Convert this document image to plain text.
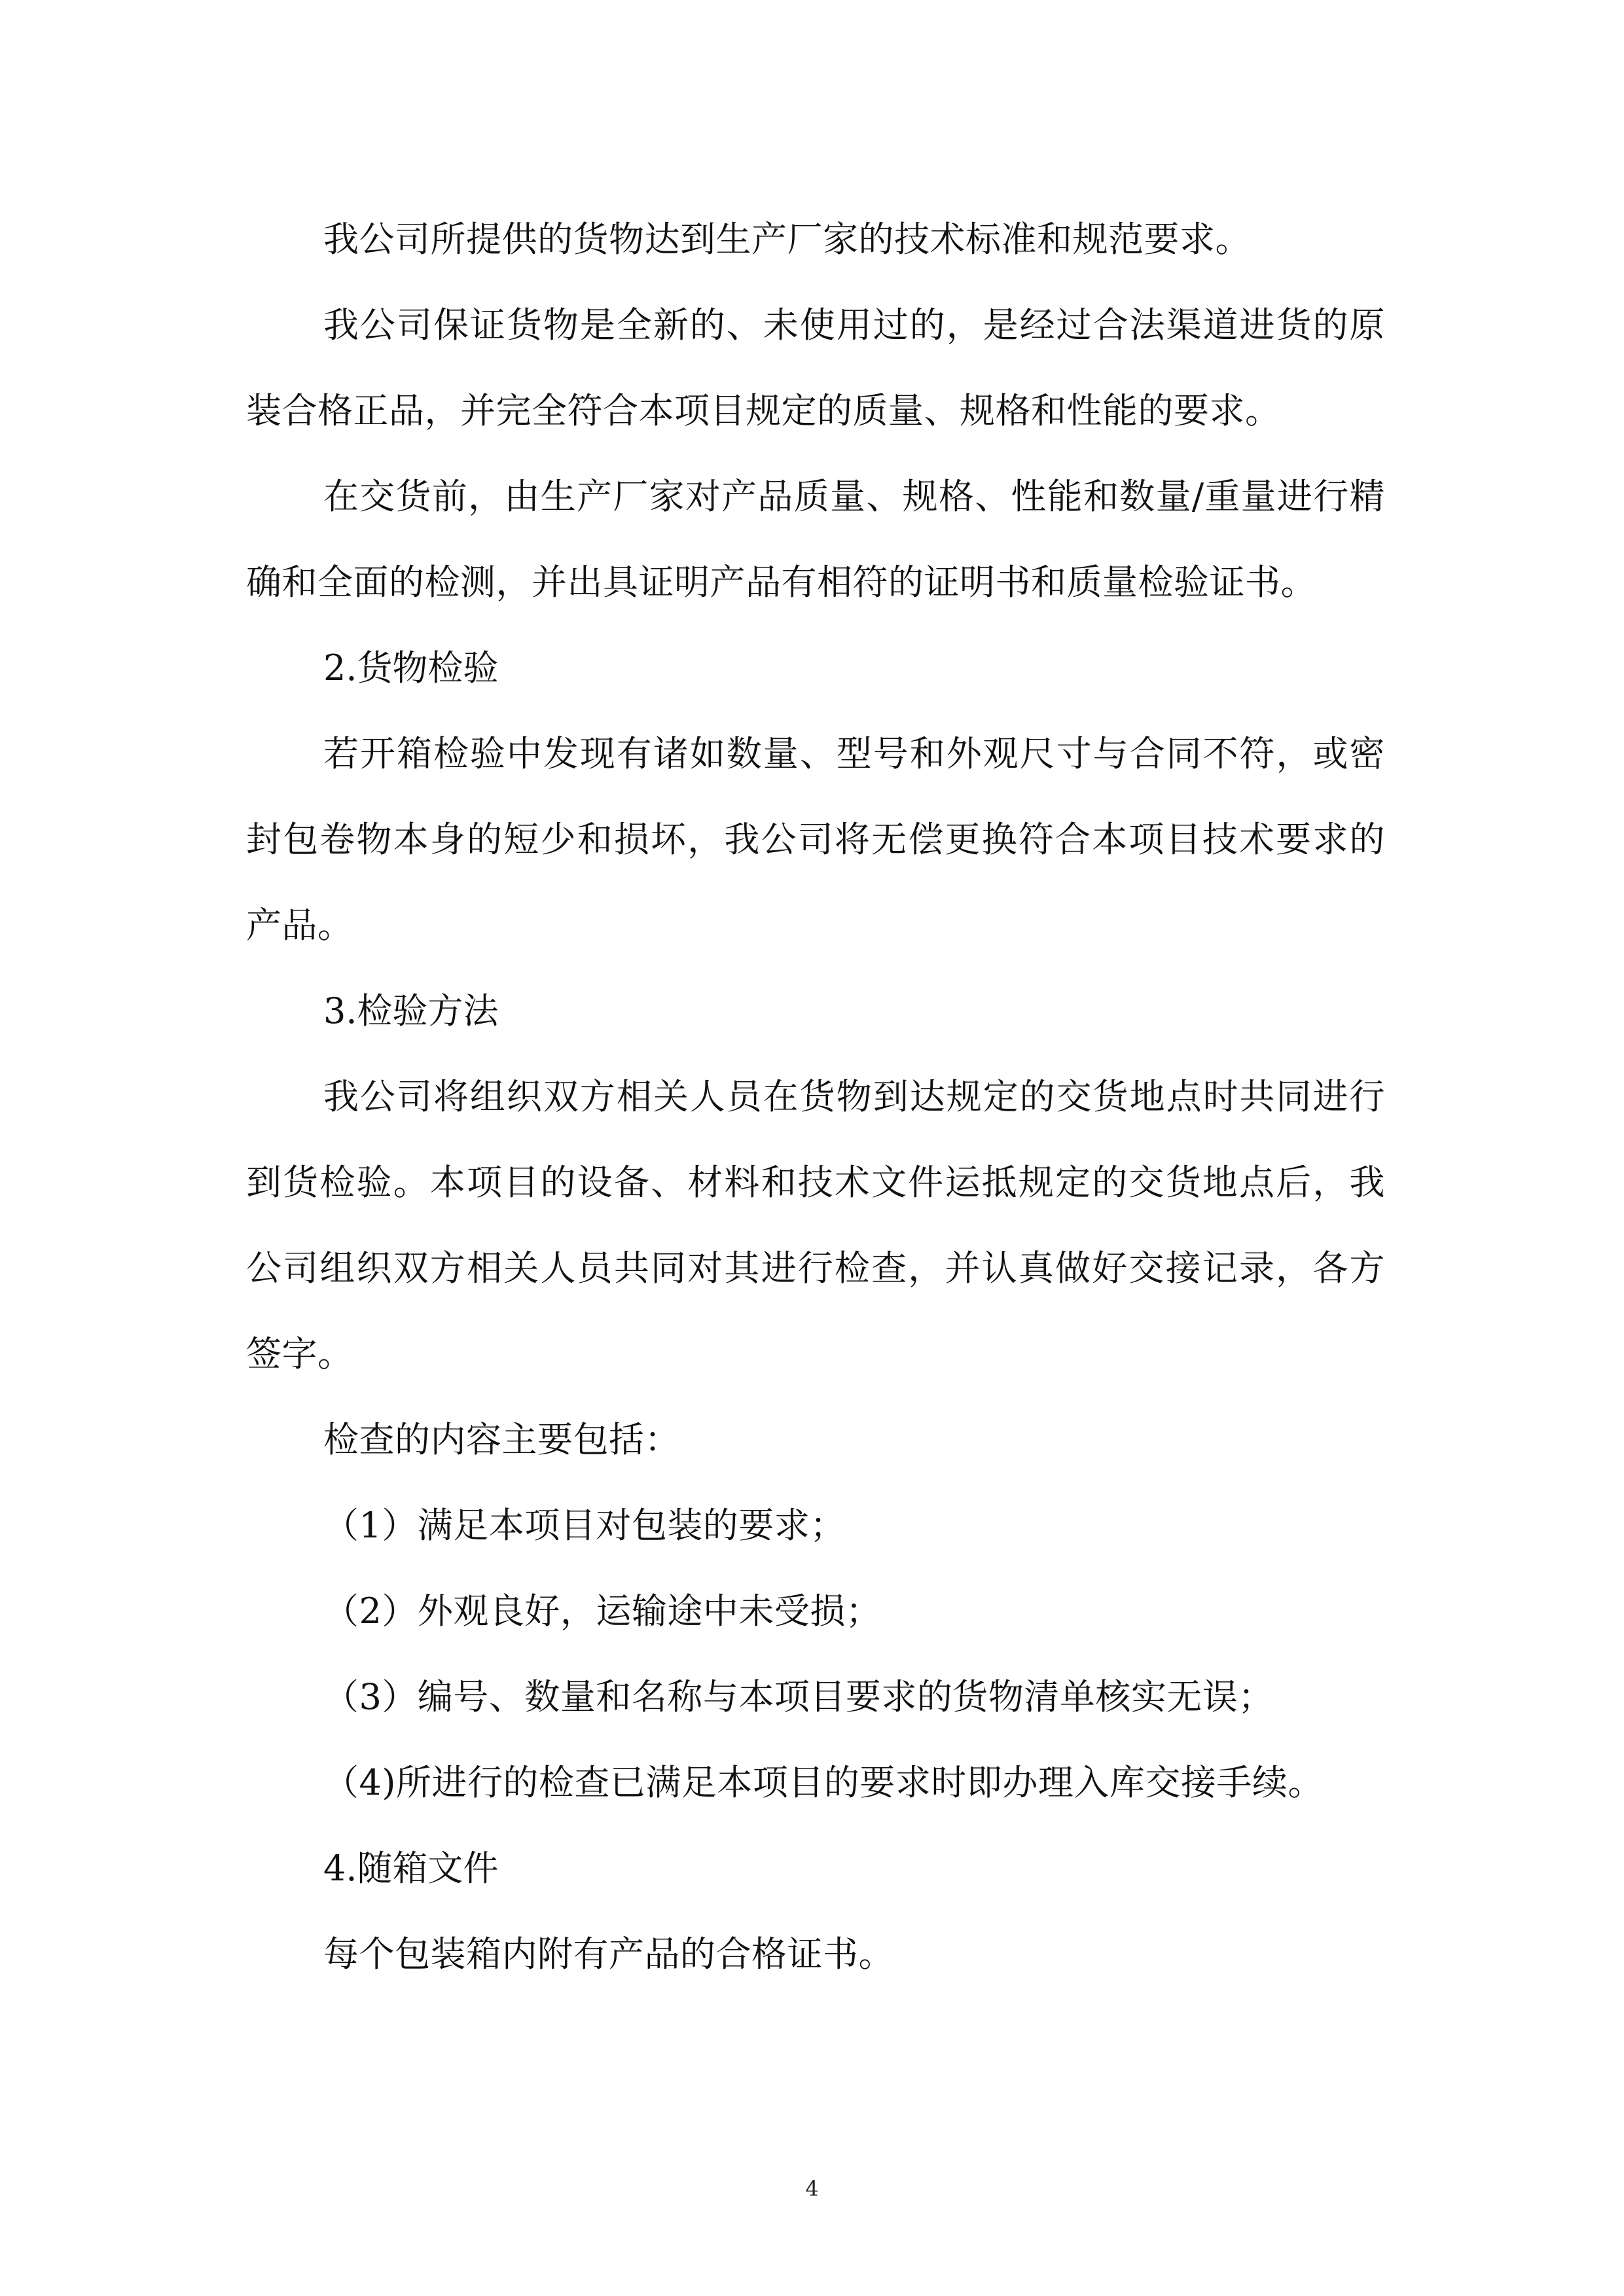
我公司所提供的货物达到生产厂家的技术标准和规范要求。

我公司保证货物是全新的、未使用过的，是经过合法渠道进货的原装合格正品，并完全符合本项目规定的质量、规格和性能的要求。

在交货前，由生产厂家对产品质量、规格、性能和数量/重量进行精确和全面的检测，并出具证明产品有相符的证明书和质量检验证书。

2.货物检验

若开箱检验中发现有诸如数量、型号和外观尺寸与合同不符，或密封包卷物本身的短少和损坏，我公司将无偿更换符合本项目技术要求的产品。

3.检验方法

我公司将组织双方相关人员在货物到达规定的交货地点时共同进行到货检验。本项目的设备、材料和技术文件运抵规定的交货地点后，我公司组织双方相关人员共同对其进行检查，并认真做好交接记录，各方签字。

检查的内容主要包括：

（1）满足本项目对包装的要求；

（2）外观良好，运输途中未受损；

（3）编号、数量和名称与本项目要求的货物清单核实无误；

（4)所进行的检查已满足本项目的要求时即办理入库交接手续。

4.随箱文件

每个包装箱内附有产品的合格证书。

4
